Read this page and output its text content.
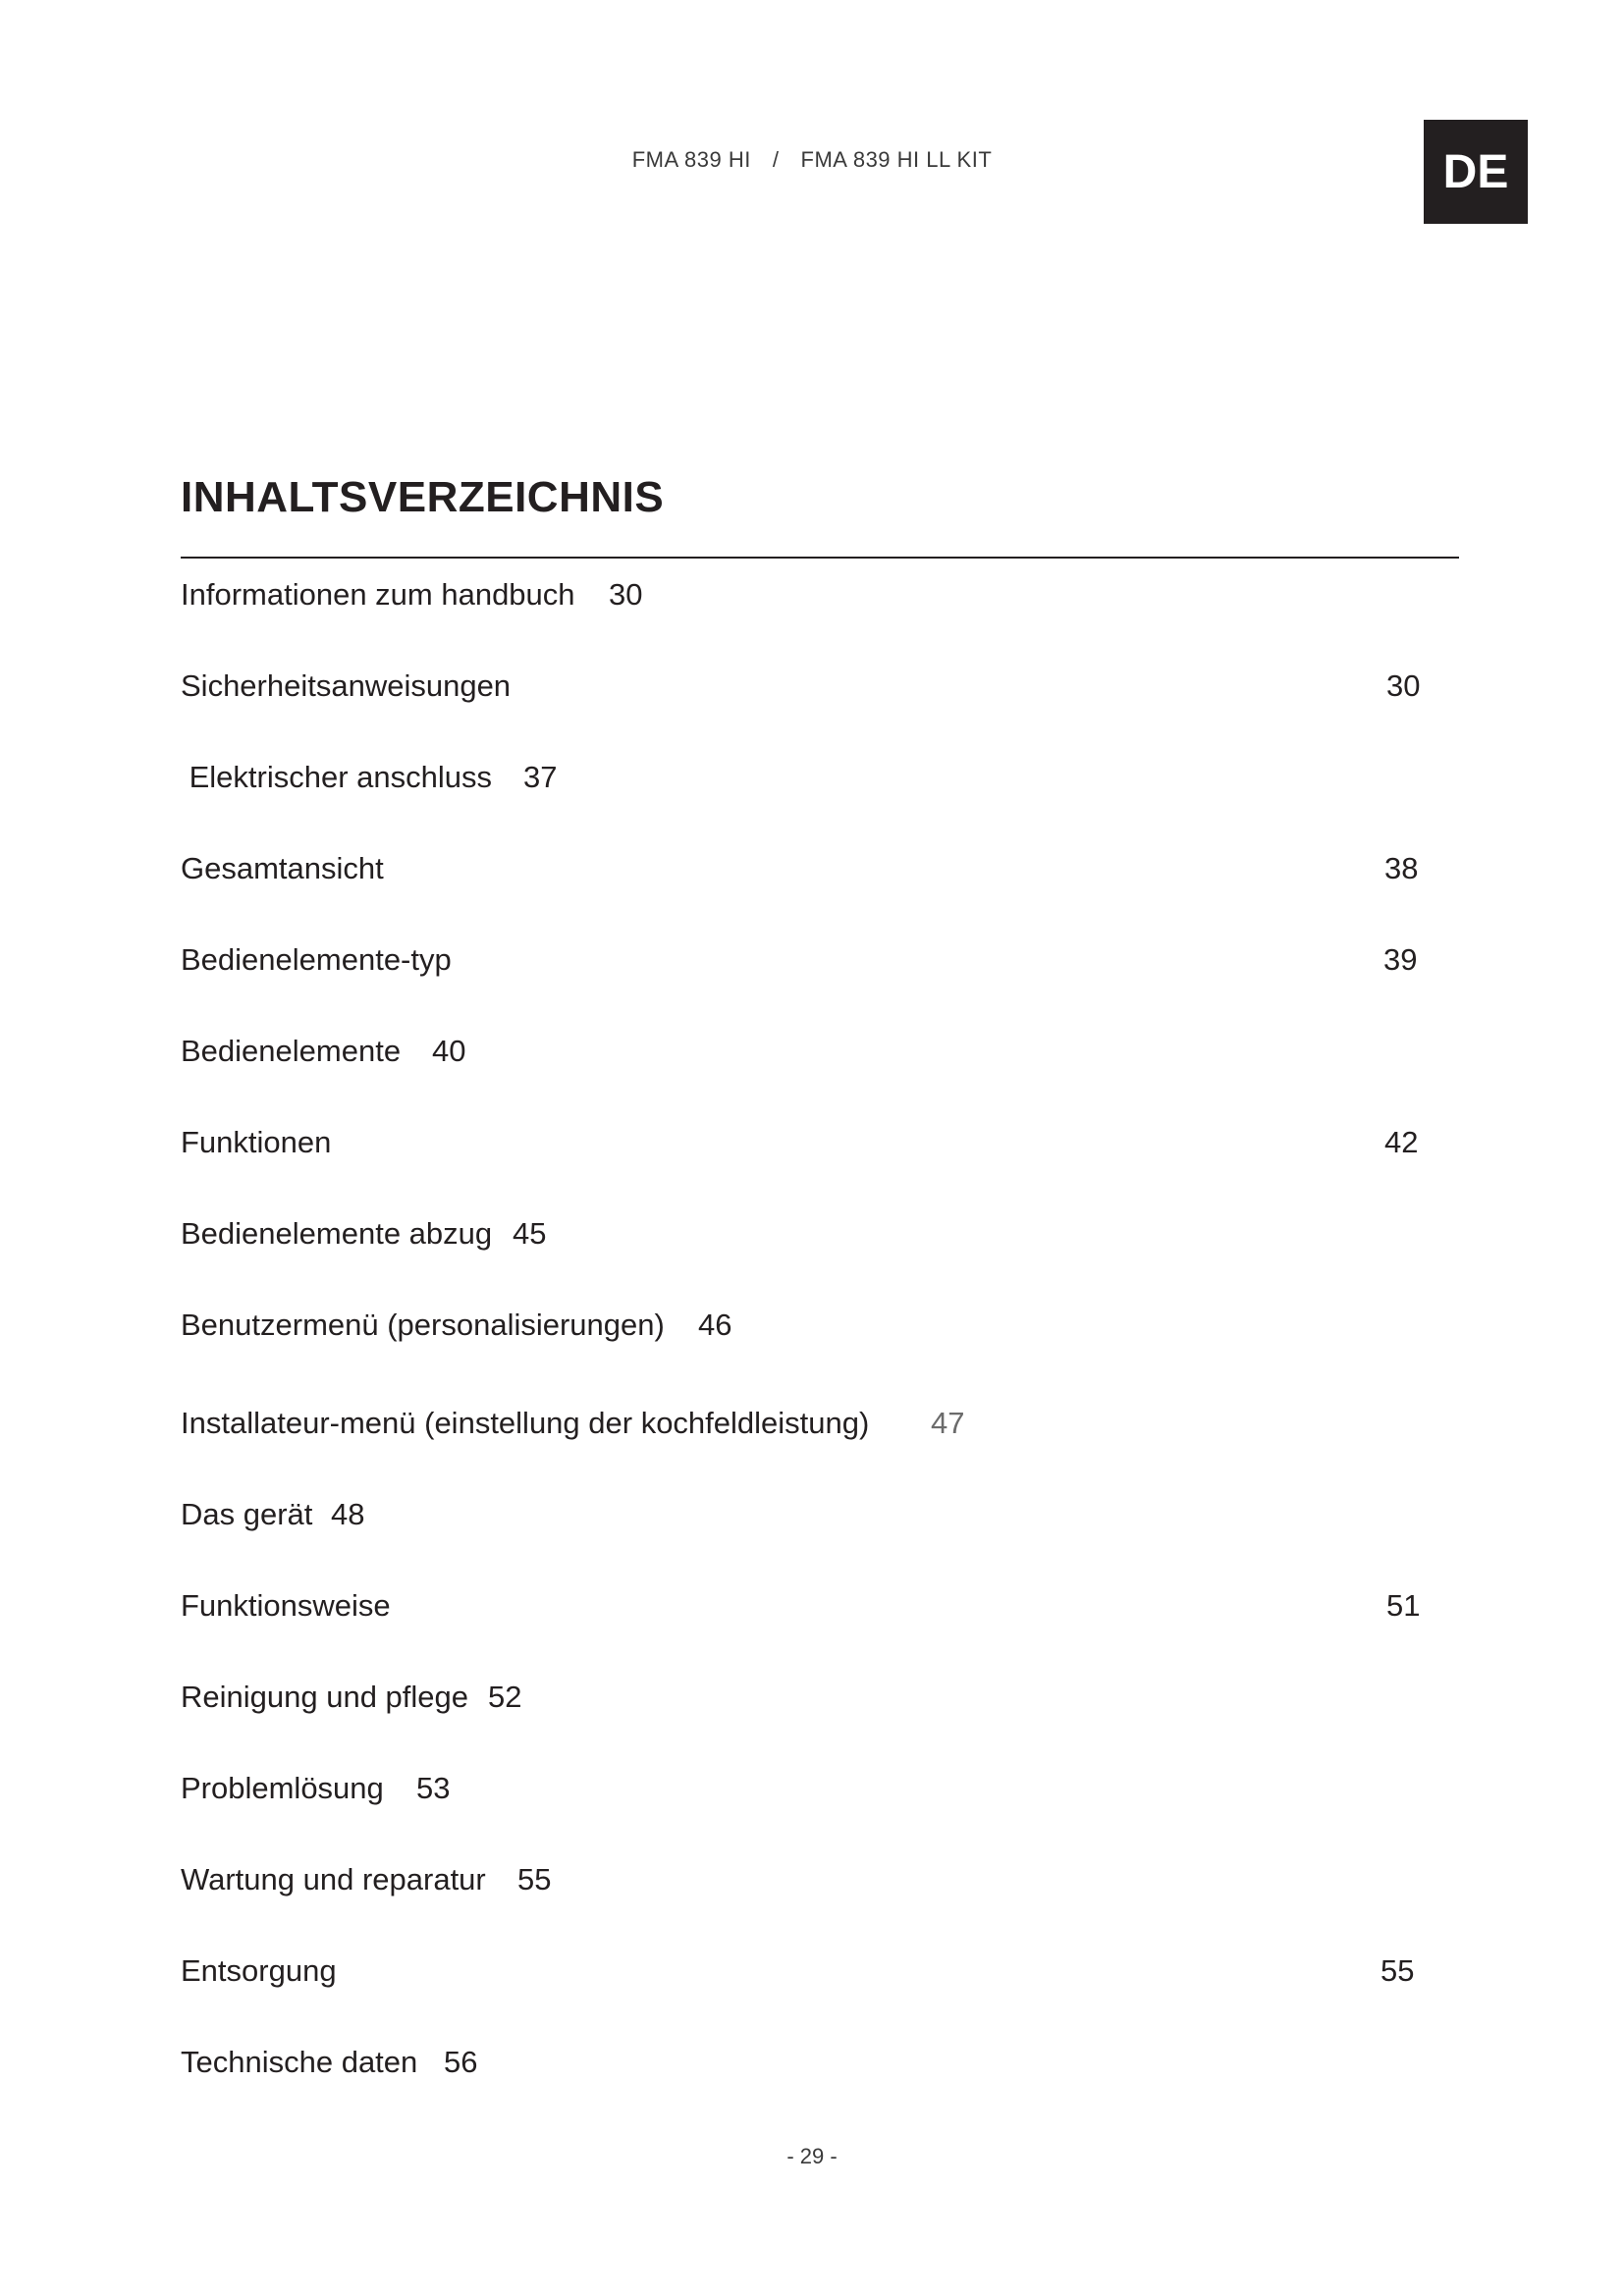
FMA 839 HI / FMA 839 HI LL KIT	DE
INHALTSVERZEICHNIS
Informationen zum handbuch 30
Sicherheitsanweisungen	30
Elektrischer anschluss 37
Gesamtansicht	38
Bedienelemente-typ	39
Bedienelemente 40
Funktionen	42
Bedienelemente abzug 45
Benutzermenü (personalisierungen) 46
Installateur-menü (einstellung der kochfeldleistung) 47
Das gerät 48
Funktionsweise	51
Reinigung und pflege 52
Problemlösung 53
Wartung und reparatur 55
Entsorgung	55
Technische daten 56
- 29 -
